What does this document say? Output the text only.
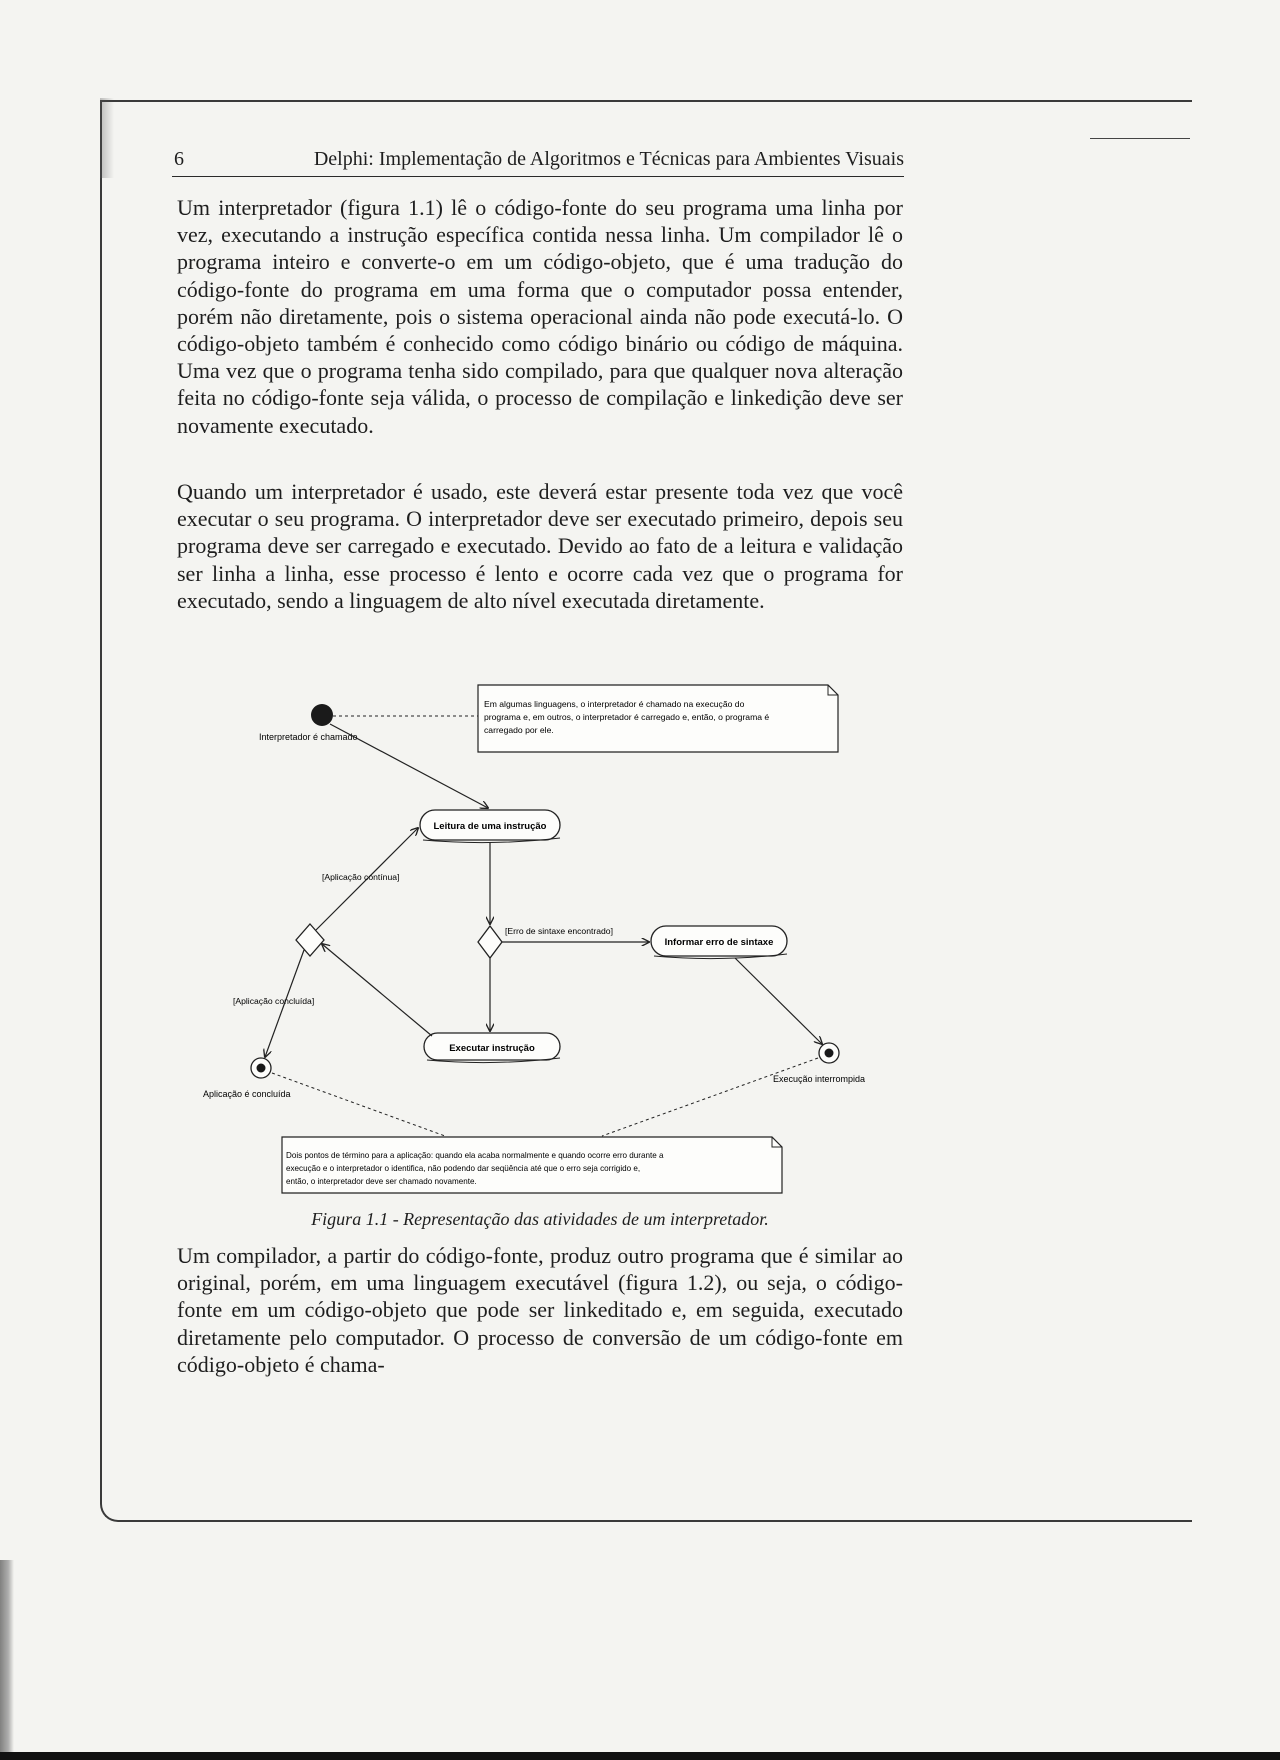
6	Delphi: Implementação de Algoritmos e Técnicas para Ambientes Visuais

Um interpretador (figura 1.1) lê o código-fonte do seu programa uma linha por vez, executando a instrução específica contida nessa linha. Um compilador lê o programa inteiro e converte-o em um código-objeto, que é uma tradução do código-fonte do programa em uma forma que o computador possa entender, porém não diretamente, pois o sistema operacional ainda não pode executá-lo. O código-objeto também é conhecido como código binário ou código de máquina. Uma vez que o programa tenha sido compilado, para que qualquer nova alteração feita no código-fonte seja válida, o processo de compilação e linkedição deve ser novamente executado.

Quando um interpretador é usado, este deverá estar presente toda vez que você executar o seu programa. O interpretador deve ser executado primeiro, depois seu programa deve ser carregado e executado. Devido ao fato de a leitura e validação ser linha a linha, esse processo é lento e ocorre cada vez que o programa for executado, sendo a linguagem de alto nível executada diretamente.

Em algumas linguagens, o interpretador é chamado na execução do
programa e, em outros, o interpretador é carregado e, então, o programa é
carregado por ele.
Interpretador é chamado
Leitura de uma instrução
Informar erro de sintaxe
Executar instrução
[Aplicação contínua]
[Erro de sintaxe encontrado]
[Aplicação concluída]
Aplicação é concluída
Execução interrompida
Dois pontos de término para a aplicação: quando ela acaba normalmente e quando ocorre erro durante a
execução e o interpretador o identifica, não podendo dar seqüência até que o erro seja corrigido e,
então, o interpretador deve ser chamado novamente.
Figura 1.1 - Representação das atividades de um interpretador.

Um compilador, a partir do código-fonte, produz outro programa que é similar ao original, porém, em uma linguagem executável (figura 1.2), ou seja, o código-fonte em um código-objeto que pode ser linkeditado e, em seguida, executado diretamente pelo computador. O processo de conversão de um código-fonte em código-objeto é chama-
